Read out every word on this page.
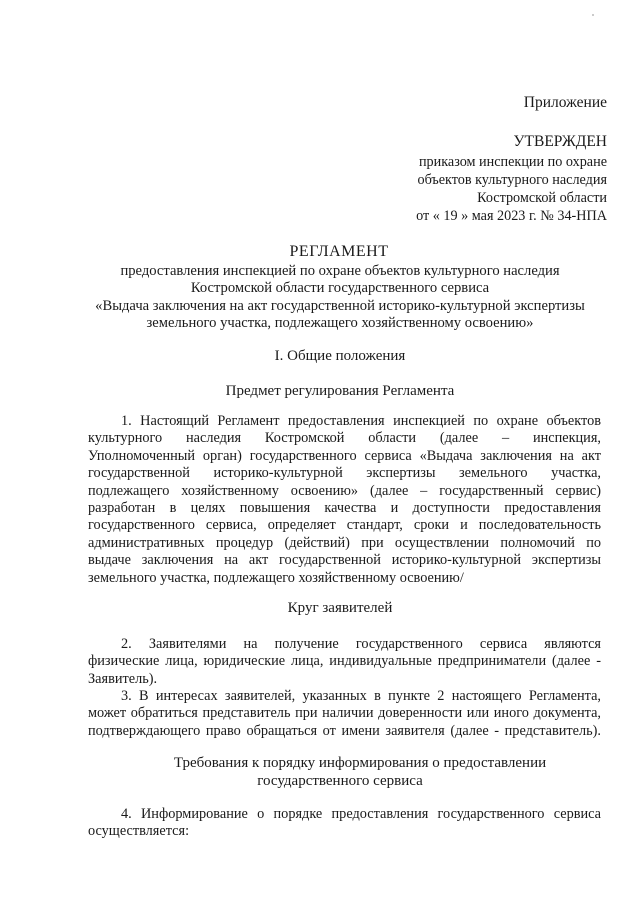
Приложение
УТВЕРЖДЕН
приказом инспекции по охране
объектов культурного наследия
Костромской области
от « 19 » мая 2023 г. № 34-НПА
РЕГЛАМЕНТ
предоставления инспекцией по охране объектов культурного наследия
Костромской области государственного сервиса
«Выдача заключения на акт государственной историко-культурной экспертизы
земельного участка, подлежащего хозяйственному освоению»
I. Общие положения
Предмет регулирования Регламента
1. Настоящий Регламент предоставления инспекцией по охране объектов
культурного наследия Костромской области (далее – инспекция,
Уполномоченный орган) государственного сервиса «Выдача заключения на акт
государственной историко-культурной экспертизы земельного участка,
подлежащего хозяйственному освоению» (далее – государственный сервис)
разработан в целях повышения качества и доступности предоставления
государственного сервиса, определяет стандарт, сроки и последовательность
административных процедур (действий) при осуществлении полномочий по
выдаче заключения на акт государственной историко-культурной экспертизы
земельного участка, подлежащего хозяйственному освоению/
Круг заявителей
2. Заявителями на получение государственного сервиса являются
физические лица, юридические лица, индивидуальные предприниматели (далее -
Заявитель).
3. В интересах заявителей, указанных в пункте 2 настоящего Регламента,
может обратиться представитель при наличии доверенности или иного документа,
подтверждающего право обращаться от имени заявителя (далее - представитель).
Требования к порядку информирования о предоставлении
государственного сервиса
4. Информирование о порядке предоставления государственного сервиса
осуществляется:
